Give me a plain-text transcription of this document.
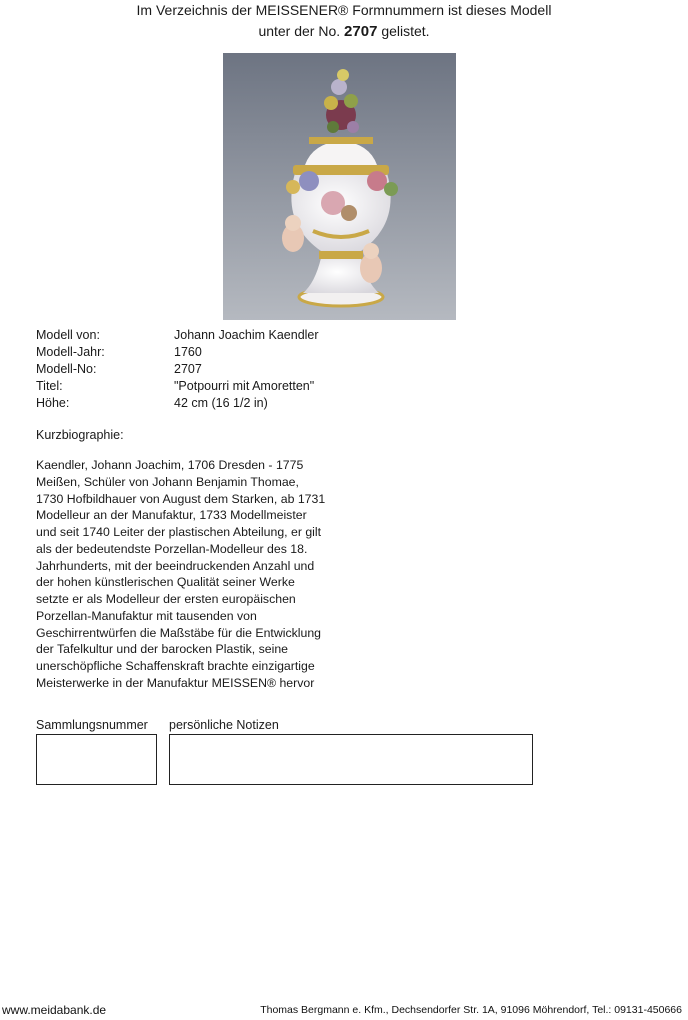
Im Verzeichnis der MEISSENER® Formnummern ist dieses Modell
unter der No. 2707 gelistet.
Modell von:	Johann Joachim Kaendler
Modell-Jahr:	1760
Modell-No:	2707
Titel:	"Potpourri mit Amoretten"
Höhe:	42 cm (16 1/2 in)
Kurzbiographie:
Kaendler, Johann Joachim, 1706 Dresden - 1775
Meißen, Schüler von Johann Benjamin Thomae,
1730 Hofbildhauer von August dem Starken, ab 1731
Modelleur an der Manufaktur, 1733 Modellmeister
und seit 1740 Leiter der plastischen Abteilung, er gilt
als der bedeutendste Porzellan-Modelleur des 18.
Jahrhunderts, mit der beeindruckenden Anzahl und
der hohen künstlerischen Qualität seiner Werke
setzte er als Modelleur der ersten europäischen
Porzellan-Manufaktur mit tausenden von
Geschirrentwürfen die Maßstäbe für die Entwicklung
der Tafelkultur und der barocken Plastik, seine
unerschöpfliche Schaffenskraft brachte einzigartige
Meisterwerke in der Manufaktur MEISSEN® hervor
Sammlungsnummer persönliche Notizen
www.meidabank.de	Thomas Bergmann e. Kfm., Dechsendorfer Str. 1A, 91096 Möhrendorf, Tel.: 09131-450666
